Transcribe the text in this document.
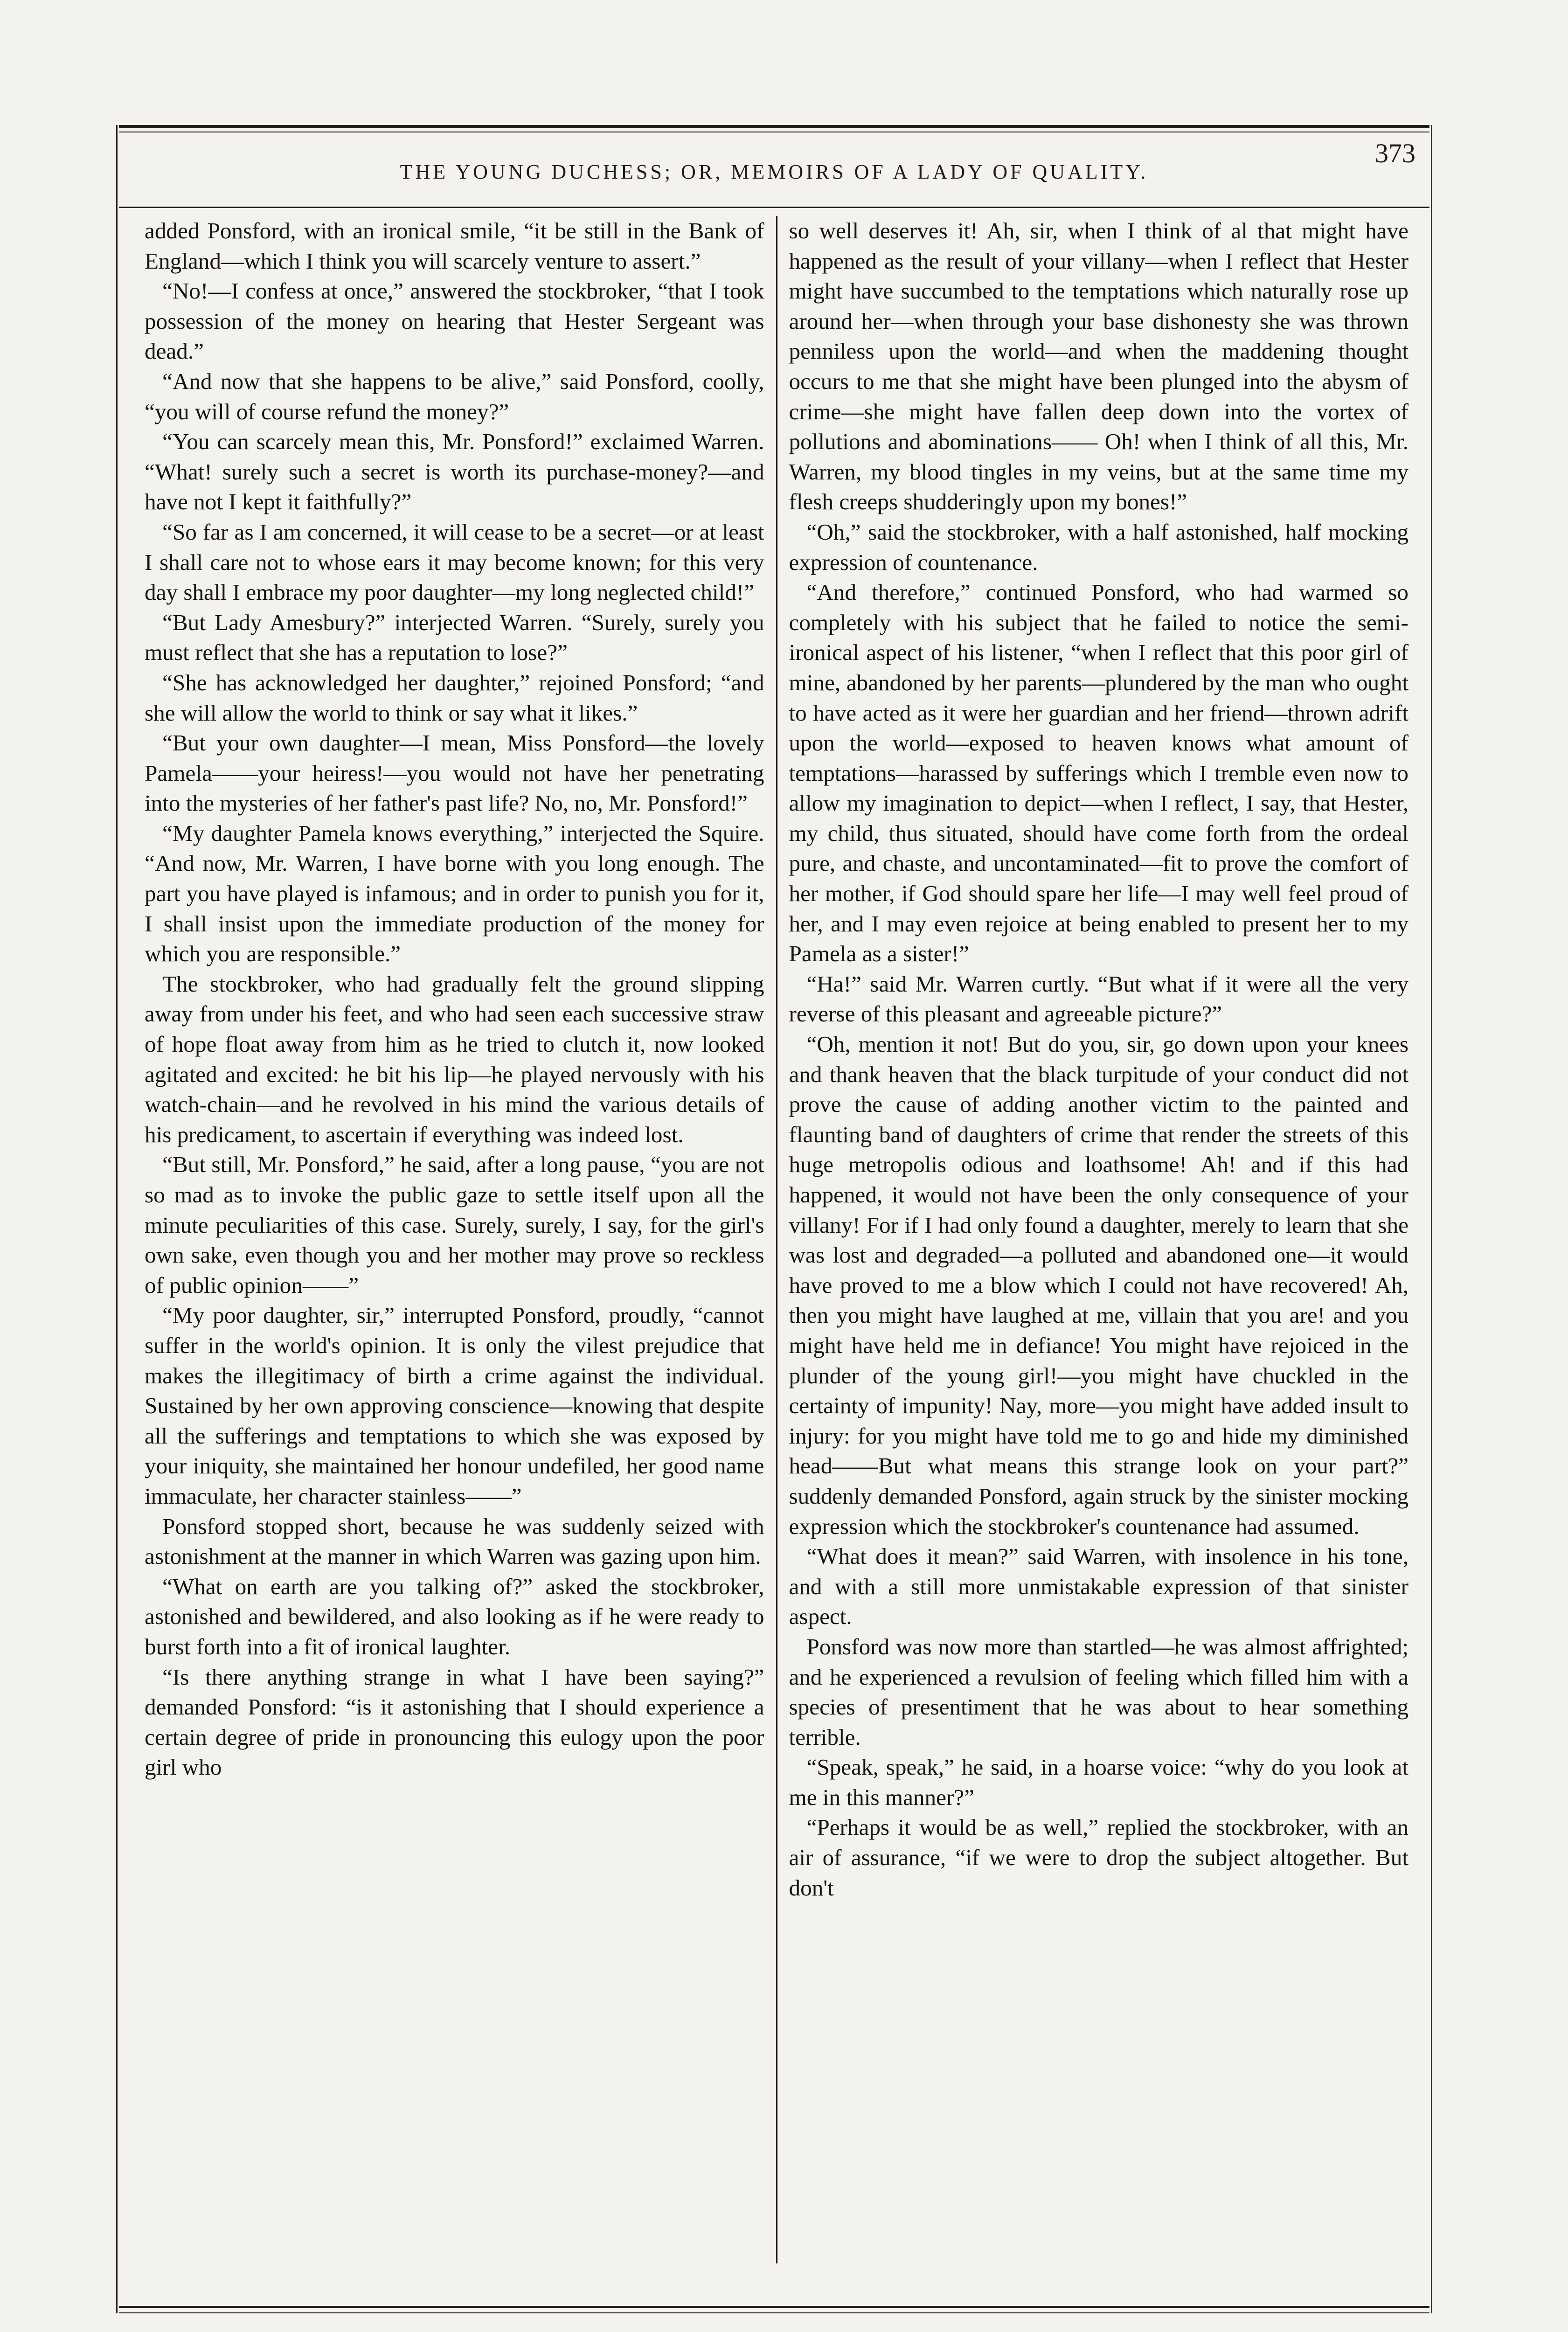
THE YOUNG DUCHESS; OR, MEMOIRS OF A LADY OF QUALITY.
373

added Ponsford, with an ironical smile, “it be still in the Bank of England—which I think you will scarcely venture to assert.”

“No!—I confess at once,” answered the stockbroker, “that I took possession of the money on hearing that Hester Sergeant was dead.”

“And now that she happens to be alive,” said Ponsford, coolly, “you will of course refund the money?”

“You can scarcely mean this, Mr. Ponsford!” exclaimed Warren. “What! surely such a secret is worth its purchase-money?—and have not I kept it faithfully?”

“So far as I am concerned, it will cease to be a secret—or at least I shall care not to whose ears it may become known; for this very day shall I embrace my poor daughter—my long neglected child!”

“But Lady Amesbury?” interjected Warren. “Surely, surely you must reflect that she has a reputation to lose?”

“She has acknowledged her daughter,” rejoined Ponsford; “and she will allow the world to think or say what it likes.”

“But your own daughter—I mean, Miss Ponsford—the lovely Pamela——your heiress!—you would not have her penetrating into the mysteries of her father's past life? No, no, Mr. Ponsford!”

“My daughter Pamela knows everything,” interjected the Squire. “And now, Mr. Warren, I have borne with you long enough. The part you have played is infamous; and in order to punish you for it, I shall insist upon the immediate production of the money for which you are responsible.”

The stockbroker, who had gradually felt the ground slipping away from under his feet, and who had seen each successive straw of hope float away from him as he tried to clutch it, now looked agitated and excited: he bit his lip—he played nervously with his watch-chain—and he revolved in his mind the various details of his predicament, to ascertain if everything was indeed lost.

“But still, Mr. Ponsford,” he said, after a long pause, “you are not so mad as to invoke the public gaze to settle itself upon all the minute peculiarities of this case. Surely, surely, I say, for the girl's own sake, even though you and her mother may prove so reckless of public opinion——”

“My poor daughter, sir,” interrupted Ponsford, proudly, “cannot suffer in the world's opinion. It is only the vilest prejudice that makes the illegitimacy of birth a crime against the individual. Sustained by her own approving conscience—knowing that despite all the sufferings and temptations to which she was exposed by your iniquity, she maintained her honour undefiled, her good name immaculate, her character stainless——”

Ponsford stopped short, because he was suddenly seized with astonishment at the manner in which Warren was gazing upon him.

“What on earth are you talking of?” asked the stockbroker, astonished and bewildered, and also looking as if he were ready to burst forth into a fit of ironical laughter.

“Is there anything strange in what I have been saying?” demanded Ponsford: “is it astonishing that I should experience a certain degree of pride in pronouncing this eulogy upon the poor girl who

so well deserves it! Ah, sir, when I think of al that might have happened as the result of your villany—when I reflect that Hester might have succumbed to the temptations which naturally rose up around her—when through your base dishonesty she was thrown penniless upon the world—and when the maddening thought occurs to me that she might have been plunged into the abysm of crime—she might have fallen deep down into the vortex of pollutions and abominations—— Oh! when I think of all this, Mr. Warren, my blood tingles in my veins, but at the same time my flesh creeps shudderingly upon my bones!”

“Oh,” said the stockbroker, with a half astonished, half mocking expression of countenance.

“And therefore,” continued Ponsford, who had warmed so completely with his subject that he failed to notice the semi-ironical aspect of his listener, “when I reflect that this poor girl of mine, abandoned by her parents—plundered by the man who ought to have acted as it were her guardian and her friend—thrown adrift upon the world—exposed to heaven knows what amount of temptations—harassed by sufferings which I tremble even now to allow my imagination to depict—when I reflect, I say, that Hester, my child, thus situated, should have come forth from the ordeal pure, and chaste, and uncontaminated—fit to prove the comfort of her mother, if God should spare her life—I may well feel proud of her, and I may even rejoice at being enabled to present her to my Pamela as a sister!”

“Ha!” said Mr. Warren curtly. “But what if it were all the very reverse of this pleasant and agreeable picture?”

“Oh, mention it not! But do you, sir, go down upon your knees and thank heaven that the black turpitude of your conduct did not prove the cause of adding another victim to the painted and flaunting band of daughters of crime that render the streets of this huge metropolis odious and loathsome! Ah! and if this had happened, it would not have been the only consequence of your villany! For if I had only found a daughter, merely to learn that she was lost and degraded—a polluted and abandoned one—it would have proved to me a blow which I could not have recovered! Ah, then you might have laughed at me, villain that you are! and you might have held me in defiance! You might have rejoiced in the plunder of the young girl!—you might have chuckled in the certainty of impunity! Nay, more—you might have added insult to injury: for you might have told me to go and hide my diminished head——But what means this strange look on your part?” suddenly demanded Ponsford, again struck by the sinister mocking expression which the stockbroker's countenance had assumed.

“What does it mean?” said Warren, with insolence in his tone, and with a still more unmistakable expression of that sinister aspect.

Ponsford was now more than startled—he was almost affrighted; and he experienced a revulsion of feeling which filled him with a species of presentiment that he was about to hear something terrible.

“Speak, speak,” he said, in a hoarse voice: “why do you look at me in this manner?”

“Perhaps it would be as well,” replied the stockbroker, with an air of assurance, “if we were to drop the subject altogether. But don't
